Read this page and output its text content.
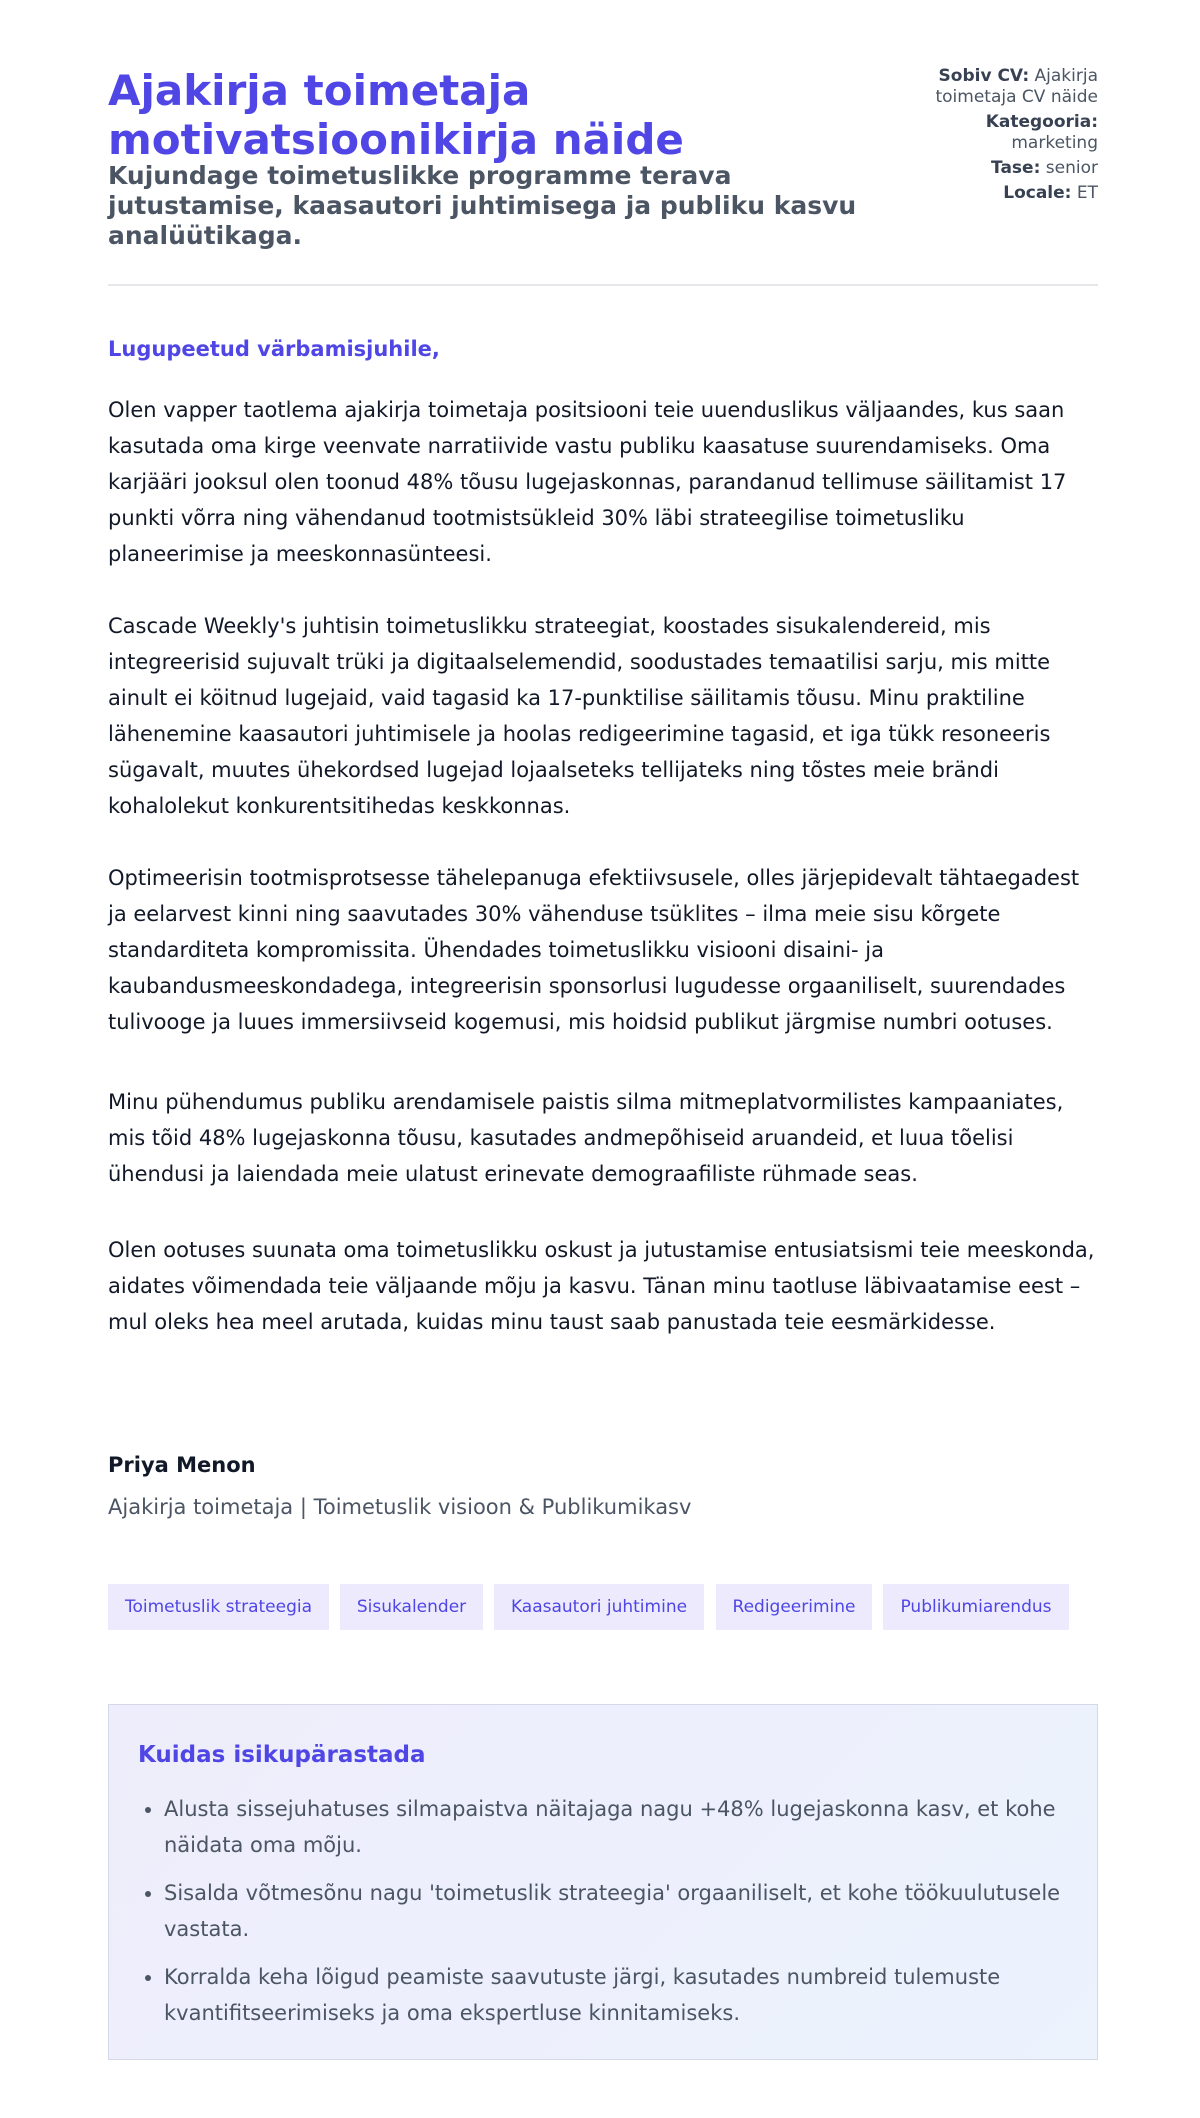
Ajakirja toimetaja motivatsioonikirja näide
Kujundage toimetuslikke programme terava jutustamise, kaasautori juhtimisega ja publiku kasvu analüütikaga.
Sobiv CV: Ajakirja toimetaja CV näide
Kategooria: marketing
Tase: senior
Locale: ET

Lugupeetud värbamisjuhile,

Olen vapper taotlema ajakirja toimetaja positsiooni teie uuenduslikus väljaandes, kus saan kasutada oma kirge veenvate narratiivide vastu publiku kaasatuse suurendamiseks. Oma karjääri jooksul olen toonud 48% tõusu lugejaskonnas, parandanud tellimuse säilitamist 17 punkti võrra ning vähendanud tootmistsükleid 30% läbi strateegilise toimetusliku planeerimise ja meeskonnasünteesi.

Cascade Weekly's juhtisin toimetuslikku strateegiat, koostades sisukalendereid, mis integreerisid sujuvalt trüki ja digitaalselemendid, soodustades temaatilisi sarju, mis mitte ainult ei köitnud lugejaid, vaid tagasid ka 17-punktilise säilitamis tõusu. Minu praktiline lähenemine kaasautori juhtimisele ja hoolas redigeerimine tagasid, et iga tükk resoneeris sügavalt, muutes ühekordsed lugejad lojaalseteks tellijateks ning tõstes meie brändi kohalolekut konkurentsitihedas keskkonnas.

Optimeerisin tootmisprotsesse tähelepanuga efektiivsusele, olles järjepidevalt tähtaegadest ja eelarvest kinni ning saavutades 30% vähenduse tsüklites – ilma meie sisu kõrgete standarditeta kompromissita. Ühendades toimetuslikku visiooni disaini- ja kaubandusmeeskondadega, integreerisin sponsorlusi lugudesse orgaaniliselt, suurendades tulivooge ja luues immersiivseid kogemusi, mis hoidsid publikut järgmise numbri ootuses.

Minu pühendumus publiku arendamisele paistis silma mitmeplatvormilistes kampaaniates, mis tõid 48% lugejaskonna tõusu, kasutades andmepõhiseid aruandeid, et luua tõelisi ühendusi ja laiendada meie ulatust erinevate demograafiliste rühmade seas.

Olen ootuses suunata oma toimetuslikku oskust ja jutustamise entusiatsismi teie meeskonda, aidates võimendada teie väljaande mõju ja kasvu. Tänan minu taotluse läbivaatamise eest – mul oleks hea meel arutada, kuidas minu taust saab panustada teie eesmärkidesse.

Priya Menon

Ajakirja toimetaja | Toimetuslik visioon & Publikumikasv

Toimetuslik strateegia	Sisukalender	Kaasautori juhtimine	Redigeerimine	Publikumiarendus
Kuidas isikupärastada
• Alusta sissejuhatuses silmapaistva näitajaga nagu +48% lugejaskonna kasv, et kohe näidata oma mõju.
• Sisalda võtmesõnu nagu 'toimetuslik strateegia' orgaaniliselt, et kohe töökuulutusele vastata.
• Korralda keha lõigud peamiste saavutuste järgi, kasutades numbreid tulemuste kvantifitseerimiseks ja oma ekspertluse kinnitamiseks.
